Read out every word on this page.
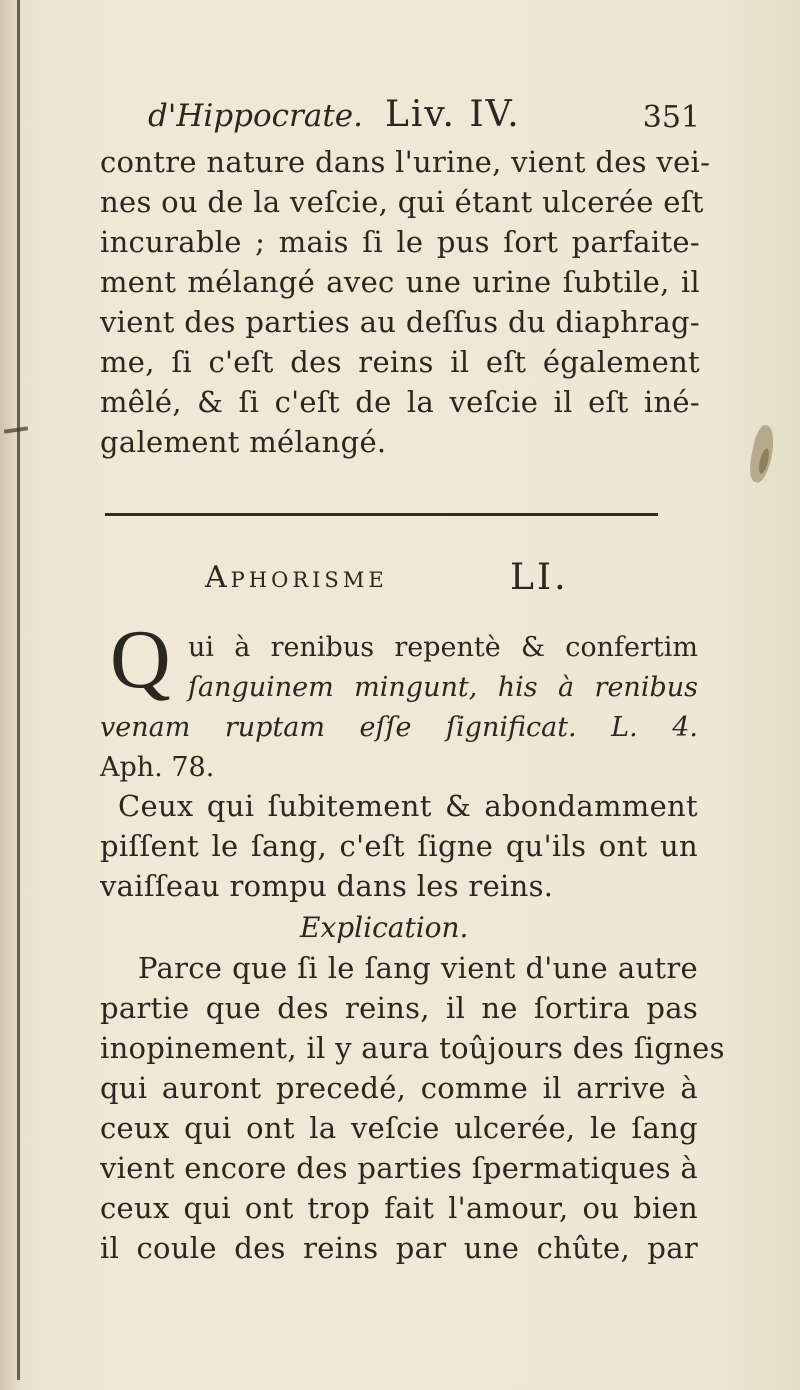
d'Hippocrate. Liv. IV.	351
contre nature dans l'urine, vient des vei-
nes ou de la veſcie, qui étant ulcerée eſt
incurable ; mais ſi le pus ſort parfaite-
ment mélangé avec une urine ſubtile, il
vient des parties au deſſus du diaphrag-
me, ſi c'eſt des reins il eſt également
mêlé, & ſi c'eſt de la veſcie il eſt iné-
galement mélangé.
Aphorisme	LI.
Q ui à renibus repentè & confertim
ſanguinem mingunt, his à renibus
venam ruptam eſſe ſignificat. L. 4.
Aph. 78.
Ceux qui ſubitement & abondamment
piſſent le ſang, c'eſt ſigne qu'ils ont un
vaiſſeau rompu dans les reins.
Explication.
Parce que ſi le ſang vient d'une autre
partie que des reins, il ne ſortira pas
inopinement, il y aura toûjours des ſignes
qui auront precedé, comme il arrive à
ceux qui ont la veſcie ulcerée, le ſang
vient encore des parties ſpermatiques à
ceux qui ont trop fait l'amour, ou bien
il coule des reins par une chûte, par
